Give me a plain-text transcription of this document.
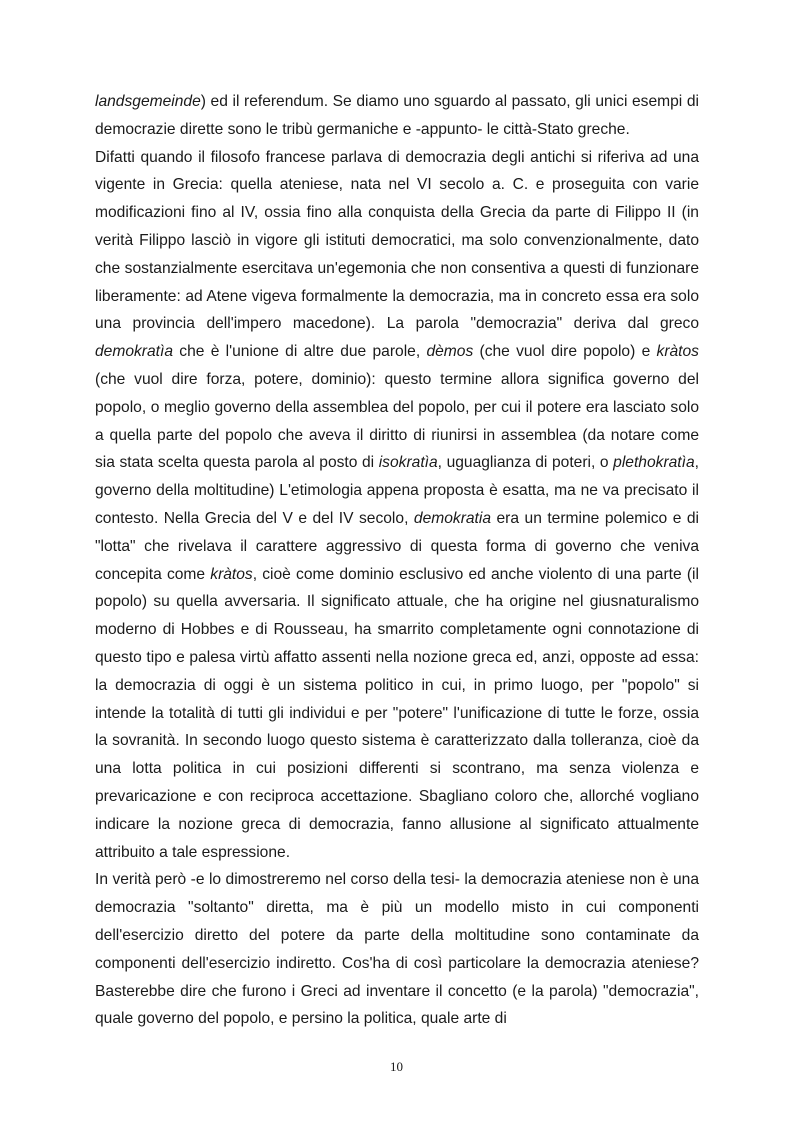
landsgemeinde) ed il referendum. Se diamo uno sguardo al passato, gli unici esempi di democrazie dirette sono le tribù germaniche e -appunto- le città-Stato greche.

Difatti quando il filosofo francese parlava di democrazia degli antichi si riferiva ad una vigente in Grecia: quella ateniese, nata nel VI secolo a. C. e proseguita con varie modificazioni fino al IV, ossia fino alla conquista della Grecia da parte di Filippo II (in verità Filippo lasciò in vigore gli istituti democratici, ma solo convenzionalmente, dato che sostanzialmente esercitava un'egemonia che non consentiva a questi di funzionare liberamente: ad Atene vigeva formalmente la democrazia, ma in concreto essa era solo una provincia dell'impero macedone). La parola "democrazia" deriva dal greco demokratìa che è l'unione di altre due parole, dèmos (che vuol dire popolo) e kràtos (che vuol dire forza, potere, dominio): questo termine allora significa governo del popolo, o meglio governo della assemblea del popolo, per cui il potere era lasciato solo a quella parte del popolo che aveva il diritto di riunirsi in assemblea (da notare come sia stata scelta questa parola al posto di isokratìa, uguaglianza di poteri, o plethokratìa, governo della moltitudine) L'etimologia appena proposta è esatta, ma ne va precisato il contesto. Nella Grecia del V e del IV secolo, demokratia era un termine polemico e di "lotta" che rivelava il carattere aggressivo di questa forma di governo che veniva concepita come kràtos, cioè come dominio esclusivo ed anche violento di una parte (il popolo) su quella avversaria. Il significato attuale, che ha origine nel giusnaturalismo moderno di Hobbes e di Rousseau, ha smarrito completamente ogni connotazione di questo tipo e palesa virtù affatto assenti nella nozione greca ed, anzi, opposte ad essa: la democrazia di oggi è un sistema politico in cui, in primo luogo, per "popolo" si intende la totalità di tutti gli individui e per "potere" l'unificazione di tutte le forze, ossia la sovranità. In secondo luogo questo sistema è caratterizzato dalla tolleranza, cioè da una lotta politica in cui posizioni differenti si scontrano, ma senza violenza e prevaricazione e con reciproca accettazione. Sbagliano coloro che, allorché vogliano indicare la nozione greca di democrazia, fanno allusione al significato attualmente attribuito a tale espressione.

In verità però -e lo dimostreremo nel corso della tesi- la democrazia ateniese non è una democrazia "soltanto" diretta, ma è più un modello misto in cui componenti dell'esercizio diretto del potere da parte della moltitudine sono contaminate da componenti dell'esercizio indiretto. Cos'ha di così particolare la democrazia ateniese? Basterebbe dire che furono i Greci ad inventare il concetto (e la parola) "democrazia", quale governo del popolo, e persino la politica, quale arte di

10
